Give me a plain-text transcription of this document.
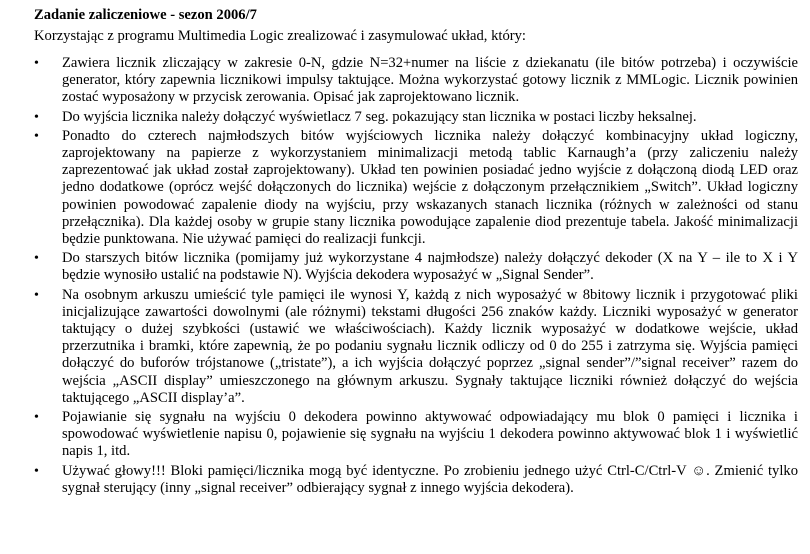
Zadanie zaliczeniowe - sezon 2006/7
Korzystając z programu Multimedia Logic zrealizować i zasymulować układ, który:
• Zawiera licznik zliczający w zakresie 0-N, gdzie N=32+numer na liście z dziekanatu (ile bitów potrzeba) i oczywiście generator, który zapewnia licznikowi impulsy taktujące. Można wykorzystać gotowy licznik z MMLogic. Licznik powinien zostać wyposażony w przycisk zerowania. Opisać jak zaprojektowano licznik.
• Do wyjścia licznika należy dołączyć wyświetlacz 7 seg. pokazujący stan licznika w postaci liczby heksalnej.
• Ponadto do czterech najmłodszych bitów wyjściowych licznika należy dołączyć kombinacyjny układ logiczny, zaprojektowany na papierze z wykorzystaniem minimalizacji metodą tablic Karnaugh’a (przy zaliczeniu należy zaprezentować jak układ został zaprojektowany). Układ ten powinien posiadać jedno wyjście z dołączoną diodą LED oraz jedno dodatkowe (oprócz wejść dołączonych do licznika) wejście z dołączonym przełącznikiem „Switch”. Układ logiczny powinien powodować zapalenie diody na wyjściu, przy wskazanych stanach licznika (różnych w zależności od stanu przełącznika). Dla każdej osoby w grupie stany licznika powodujące zapalenie diod prezentuje tabela. Jakość minimalizacji będzie punktowana. Nie używać pamięci do realizacji funkcji.
• Do starszych bitów licznika (pomijamy już wykorzystane 4 najmłodsze) należy dołączyć dekoder (X na Y – ile to X i Y będzie wynosiło ustalić na podstawie N). Wyjścia dekodera wyposażyć w „Signal Sender”.
• Na osobnym arkuszu umieścić tyle pamięci ile wynosi Y, każdą z nich wyposażyć w 8bitowy licznik i przygotować pliki inicjalizujące zawartości dowolnymi (ale różnymi) tekstami długości 256 znaków każdy. Liczniki wyposażyć w generator taktujący o dużej szybkości (ustawić we właściwościach). Każdy licznik wyposażyć w dodatkowe wejście, układ przerzutnika i bramki, które zapewnią, że po podaniu sygnału licznik odliczy od 0 do 255 i zatrzyma się. Wyjścia pamięci dołączyć do buforów trójstanowe („tristate”), a ich wyjścia dołączyć poprzez „signal sender”/”signal receiver” razem do wejścia „ASCII display” umieszczonego na głównym arkuszu. Sygnały taktujące liczniki również dołączyć do wejścia taktującego „ASCII display’a”.
• Pojawianie się sygnału na wyjściu 0 dekodera powinno aktywować odpowiadający mu blok 0 pamięci i licznika i spowodować wyświetlenie napisu 0, pojawienie się sygnału na wyjściu 1 dekodera powinno aktywować blok 1 i wyświetlić napis 1, itd.
• Używać głowy!!! Bloki pamięci/licznika mogą być identyczne. Po zrobieniu jednego użyć Ctrl-C/Ctrl-V ☺. Zmienić tylko sygnał sterujący (inny „signal receiver” odbierający sygnał z innego wyjścia dekodera).
